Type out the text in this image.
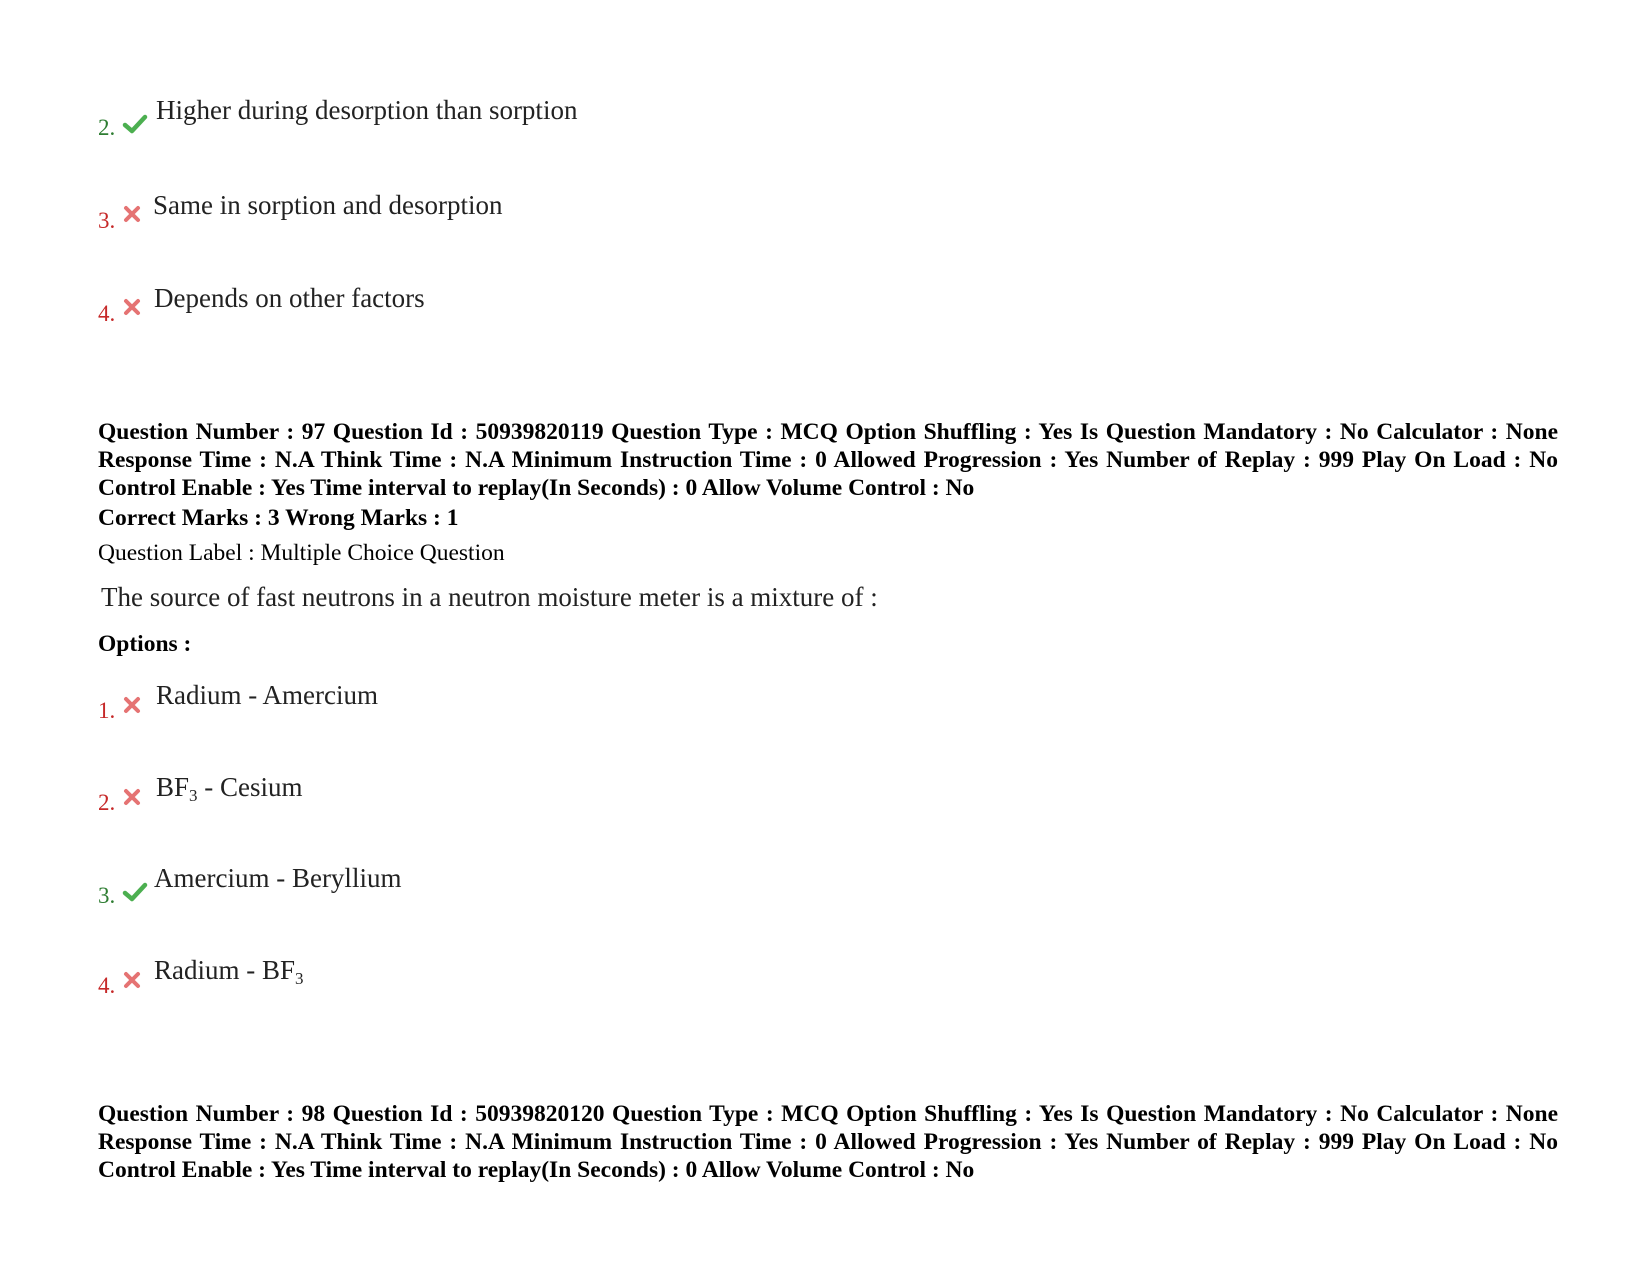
2.
Higher during desorption than sorption
3.
Same in sorption and desorption
4.
Depends on other factors
Question Number : 97 Question Id : 50939820119 Question Type : MCQ Option Shuffling : Yes Is Question Mandatory : No Calculator : None Response Time : N.A Think Time : N.A Minimum Instruction Time : 0 Allowed Progression : Yes Number of Replay : 999 Play On Load : No Control Enable : Yes Time interval to replay(In Seconds) : 0 Allow Volume Control : No
Correct Marks : 3 Wrong Marks : 1
Question Label : Multiple Choice Question
The source of fast neutrons in a neutron moisture meter is a mixture of :
Options :
1.
Radium - Amercium
2.
$BF_3$ - Cesium
3.
Amercium - Beryllium
4.
Radium - $BF_3$
Question Number : 98 Question Id : 50939820120 Question Type : MCQ Option Shuffling : Yes Is Question Mandatory : No Calculator : None Response Time : N.A Think Time : N.A Minimum Instruction Time : 0 Allowed Progression : Yes Number of Replay : 999 Play On Load : No Control Enable : Yes Time interval to replay(In Seconds) : 0 Allow Volume Control : No
